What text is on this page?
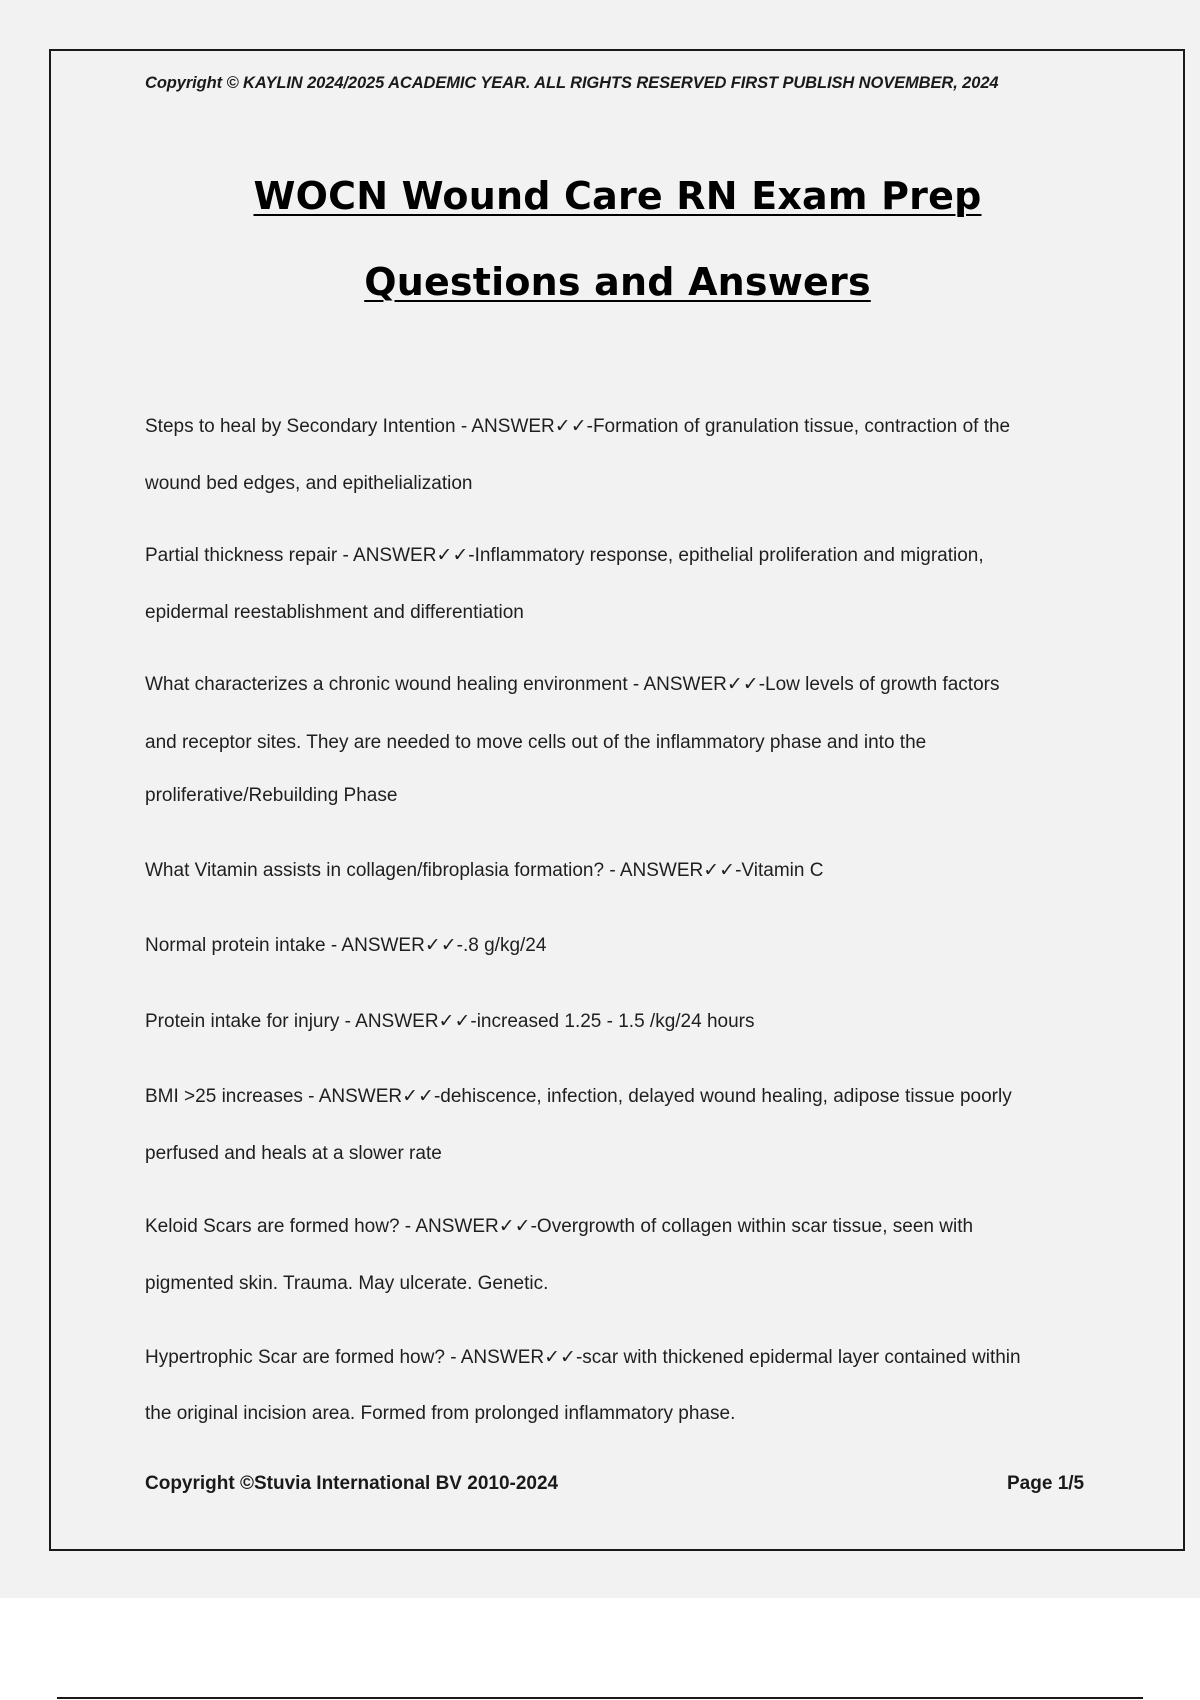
Copyright © KAYLIN 2024/2025 ACADEMIC YEAR. ALL RIGHTS RESERVED FIRST PUBLISH NOVEMBER, 2024
WOCN Wound Care RN Exam Prep
Questions and Answers
Steps to heal by Secondary Intention - ANSWER✓✓-Formation of granulation tissue, contraction of the
wound bed edges, and epithelialization
Partial thickness repair - ANSWER✓✓-Inflammatory response, epithelial proliferation and migration,
epidermal reestablishment and differentiation
What characterizes a chronic wound healing environment - ANSWER✓✓-Low levels of growth factors
and receptor sites. They are needed to move cells out of the inflammatory phase and into the
proliferative/Rebuilding Phase
What Vitamin assists in collagen/fibroplasia formation? - ANSWER✓✓-Vitamin C
Normal protein intake - ANSWER✓✓-.8 g/kg/24
Protein intake for injury - ANSWER✓✓-increased 1.25 - 1.5 /kg/24 hours
BMI >25 increases - ANSWER✓✓-dehiscence, infection, delayed wound healing, adipose tissue poorly
perfused and heals at a slower rate
Keloid Scars are formed how? - ANSWER✓✓-Overgrowth of collagen within scar tissue, seen with
pigmented skin. Trauma. May ulcerate. Genetic.
Hypertrophic Scar are formed how? - ANSWER✓✓-scar with thickened epidermal layer contained within
the original incision area. Formed from prolonged inflammatory phase.
Copyright ©Stuvia International BV 2010-2024	Page 1/5
